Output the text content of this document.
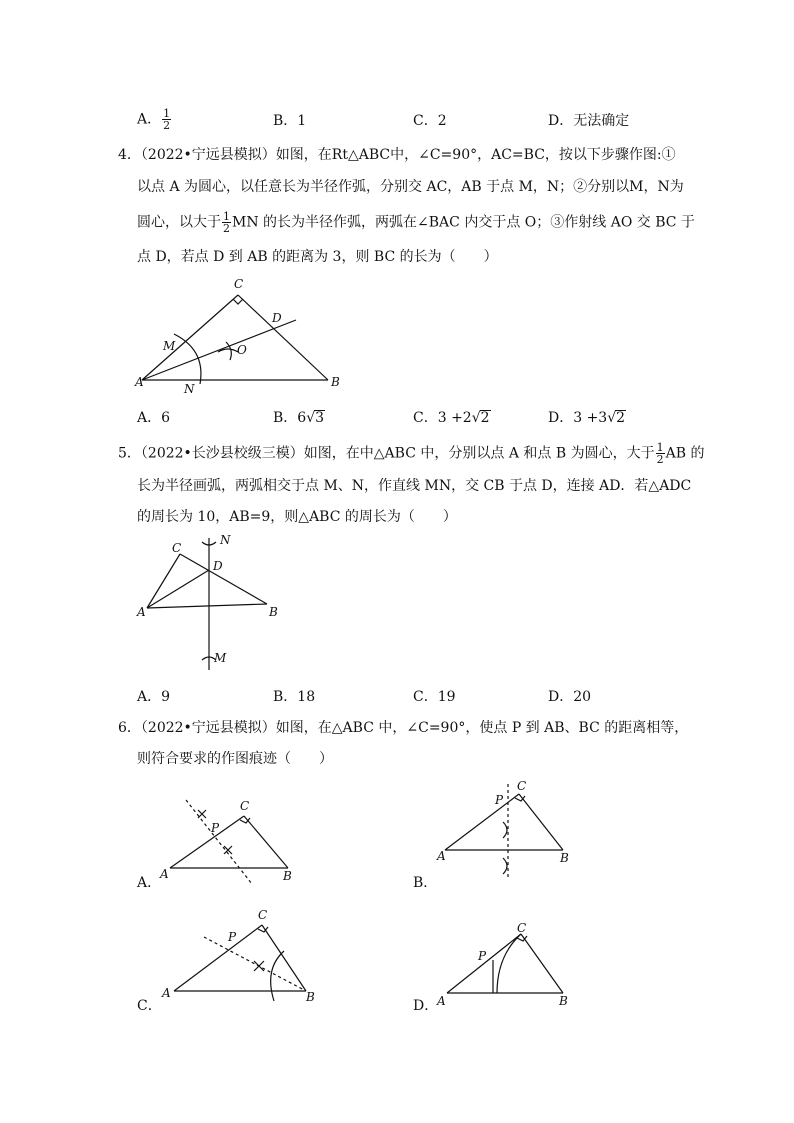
A． $\frac{1}{2}$	B．1	C．2	D．无法确定
4．（2022•宁远县模拟）如图，在Rt△ABC中，∠C=90°，AC=BC，按以下步骤作图:①
以点 A 为圆心，以任意长为半径作弧，分别交 AC，AB 于点 M，N；②分别以M，N为
圆心，以大于 $\frac{1}{2}$ MN 的长为半径作弧，两弧在∠BAC 内交于点 O；③作射线 AO 交 BC 于
点 D，若点 D 到 AB 的距离为 3，则 BC 的长为（　　）
C
D
M	O
A	N	B
A．6	B．6√3	C．3 +2√2	D．3 +3√2
5．（2022•长沙县校级三模）如图，在中△ABC 中，分别以点 A 和点 B 为圆心，大于 $\frac{1}{2}$ AB 的
长为半径画弧，两弧相交于点 M、N，作直线 MN，交 CB 于点 D，连接 AD．若△ADC
的周长为 10，AB=9，则△ABC 的周长为（　　）
C
N
D
A	B
M
A．9	B．18	C．19	D．20
6．（2022•宁远县模拟）如图，在△ABC 中，∠C=90°，使点 P 到 AB、BC 的距离相等，
则符合要求的作图痕迹（　　）
A．
C
P
A	B	B．
C
P
A	B
C．
C
P
A	B
D．
C
P
A	B
